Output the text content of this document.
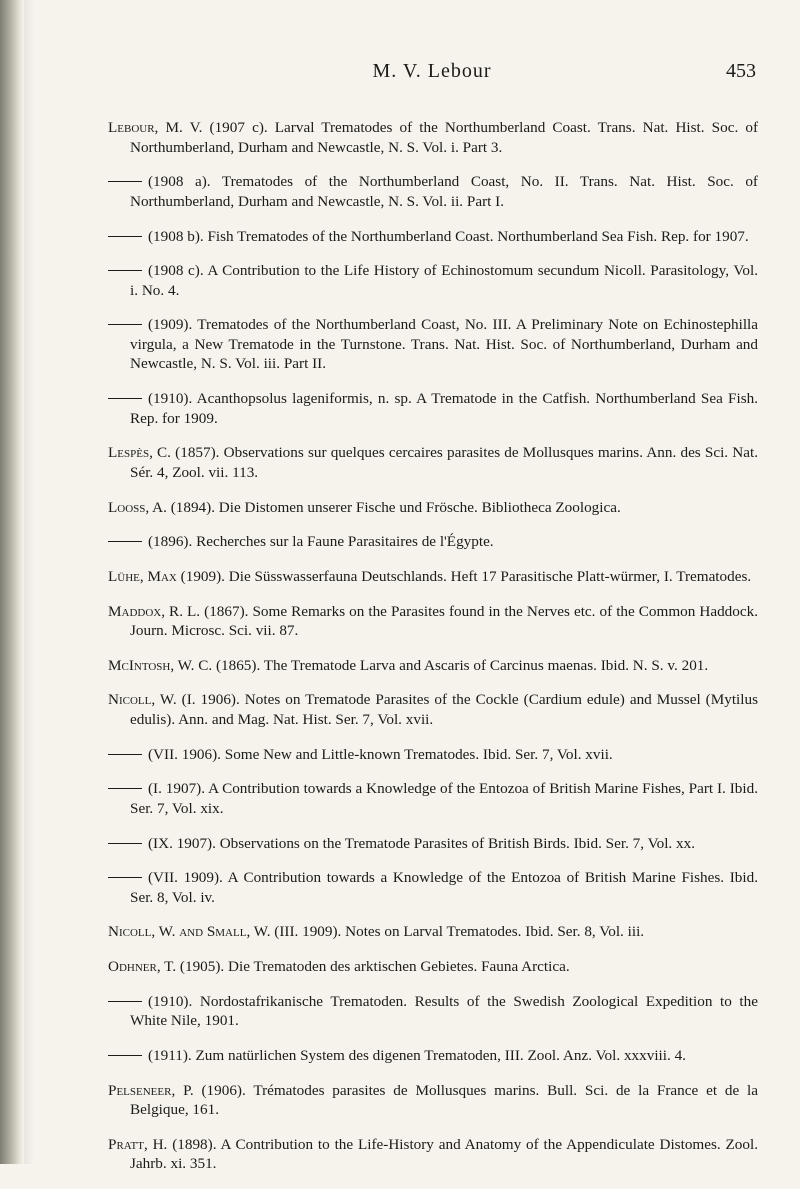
M. V. Lebour	453

Lebour, M. V. (1907 c). Larval Trematodes of the Northumberland Coast. Trans. Nat. Hist. Soc. of Northumberland, Durham and Newcastle, N. S. Vol. i. Part 3.

(1908 a). Trematodes of the Northumberland Coast, No. II. Trans. Nat. Hist. Soc. of Northumberland, Durham and Newcastle, N. S. Vol. ii. Part I.

(1908 b). Fish Trematodes of the Northumberland Coast. Northumberland Sea Fish. Rep. for 1907.

(1908 c). A Contribution to the Life History of Echinostomum secundum Nicoll. Parasitology, Vol. i. No. 4.

(1909). Trematodes of the Northumberland Coast, No. III. A Preliminary Note on Echinostephilla virgula, a New Trematode in the Turnstone. Trans. Nat. Hist. Soc. of Northumberland, Durham and Newcastle, N. S. Vol. iii. Part II.

(1910). Acanthopsolus lageniformis, n. sp. A Trematode in the Catfish. Northumberland Sea Fish. Rep. for 1909.

Lespès, C. (1857). Observations sur quelques cercaires parasites de Mollusques marins. Ann. des Sci. Nat. Sér. 4, Zool. vii. 113.

Looss, A. (1894). Die Distomen unserer Fische und Frösche. Bibliotheca Zoologica.

(1896). Recherches sur la Faune Parasitaires de l'Égypte.

Lühe, Max (1909). Die Süsswasserfauna Deutschlands. Heft 17 Parasitische Platt-würmer, I. Trematodes.

Maddox, R. L. (1867). Some Remarks on the Parasites found in the Nerves etc. of the Common Haddock. Journ. Microsc. Sci. vii. 87.

McIntosh, W. C. (1865). The Trematode Larva and Ascaris of Carcinus maenas. Ibid. N. S. v. 201.

Nicoll, W. (I. 1906). Notes on Trematode Parasites of the Cockle (Cardium edule) and Mussel (Mytilus edulis). Ann. and Mag. Nat. Hist. Ser. 7, Vol. xvii.

(VII. 1906). Some New and Little-known Trematodes. Ibid. Ser. 7, Vol. xvii.

(I. 1907). A Contribution towards a Knowledge of the Entozoa of British Marine Fishes, Part I. Ibid. Ser. 7, Vol. xix.

(IX. 1907). Observations on the Trematode Parasites of British Birds. Ibid. Ser. 7, Vol. xx.

(VII. 1909). A Contribution towards a Knowledge of the Entozoa of British Marine Fishes. Ibid. Ser. 8, Vol. iv.

Nicoll, W. and Small, W. (III. 1909). Notes on Larval Trematodes. Ibid. Ser. 8, Vol. iii.

Odhner, T. (1905). Die Trematoden des arktischen Gebietes. Fauna Arctica.

(1910). Nordostafrikanische Trematoden. Results of the Swedish Zoological Expedition to the White Nile, 1901.

(1911). Zum natürlichen System des digenen Trematoden, III. Zool. Anz. Vol. xxxviii. 4.

Pelseneer, P. (1906). Trématodes parasites de Mollusques marins. Bull. Sci. de la France et de la Belgique, 161.

Pratt, H. (1898). A Contribution to the Life-History and Anatomy of the Appendiculate Distomes. Zool. Jahrb. xi. 351.
